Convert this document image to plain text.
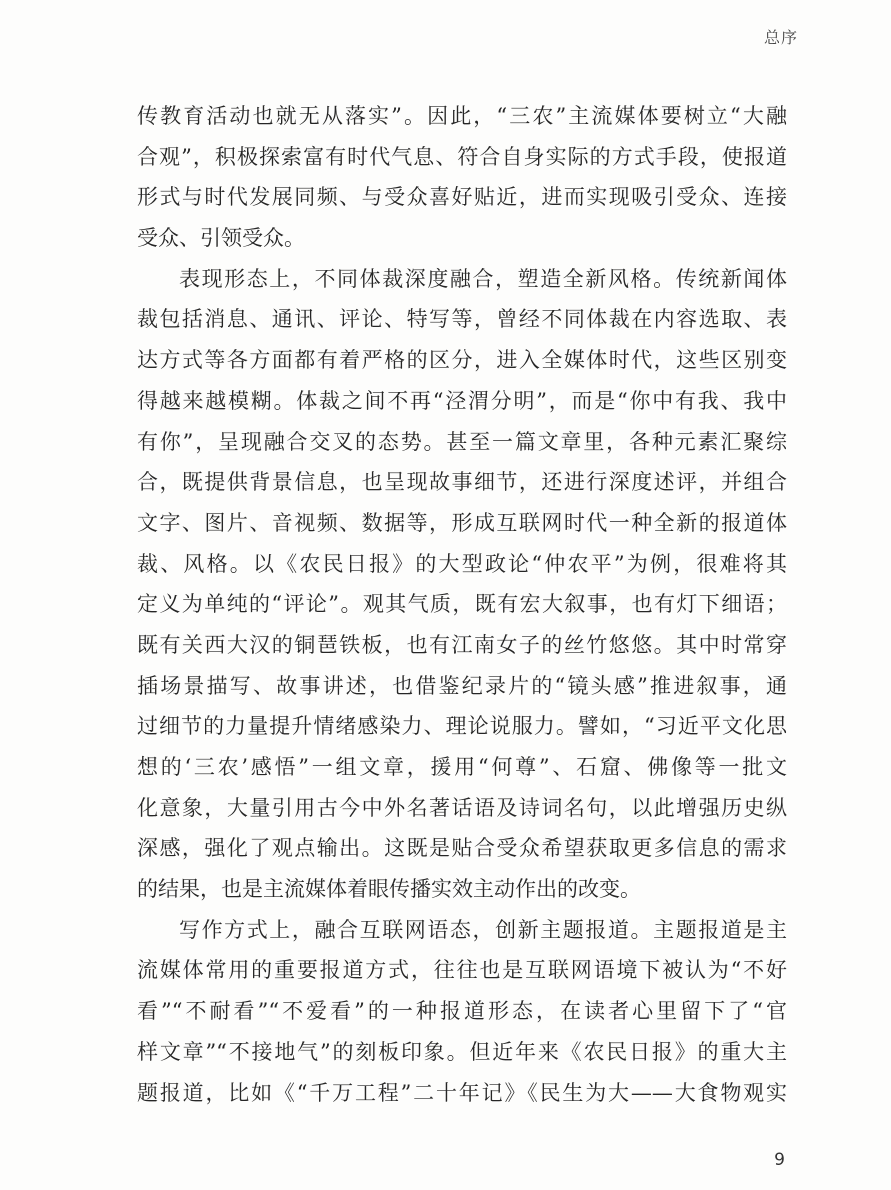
总序
传教育活动也就无从落实”。因此，“三农”主流媒体要树立“大融
合观”，积极探索富有时代气息、符合自身实际的方式手段，使报道
形式与时代发展同频、与受众喜好贴近，进而实现吸引受众、连接
受众、引领受众。
表现形态上，不同体裁深度融合，塑造全新风格。传统新闻体
裁包括消息、通讯、评论、特写等，曾经不同体裁在内容选取、表
达方式等各方面都有着严格的区分，进入全媒体时代，这些区别变
得越来越模糊。体裁之间不再“泾渭分明”，而是“你中有我、我中
有你”，呈现融合交叉的态势。甚至一篇文章里，各种元素汇聚综
合，既提供背景信息，也呈现故事细节，还进行深度述评，并组合
文字、图片、音视频、数据等，形成互联网时代一种全新的报道体
裁、风格。以《农民日报》的大型政论“仲农平”为例，很难将其
定义为单纯的“评论”。观其气质，既有宏大叙事，也有灯下细语；
既有关西大汉的铜琶铁板，也有江南女子的丝竹悠悠。其中时常穿
插场景描写、故事讲述，也借鉴纪录片的“镜头感”推进叙事，通
过细节的力量提升情绪感染力、理论说服力。譬如，“习近平文化思
想的‘三农’感悟”一组文章，援用“何尊”、石窟、佛像等一批文
化意象，大量引用古今中外名著话语及诗词名句，以此增强历史纵
深感，强化了观点输出。这既是贴合受众希望获取更多信息的需求
的结果，也是主流媒体着眼传播实效主动作出的改变。
写作方式上，融合互联网语态，创新主题报道。主题报道是主
流媒体常用的重要报道方式，往往也是互联网语境下被认为“不好
看”“不耐看”“不爱看”的一种报道形态，在读者心里留下了“官
样文章”“不接地气”的刻板印象。但近年来《农民日报》的重大主
题报道，比如《“千万工程”二十年记》《民生为大——大食物观实
9
